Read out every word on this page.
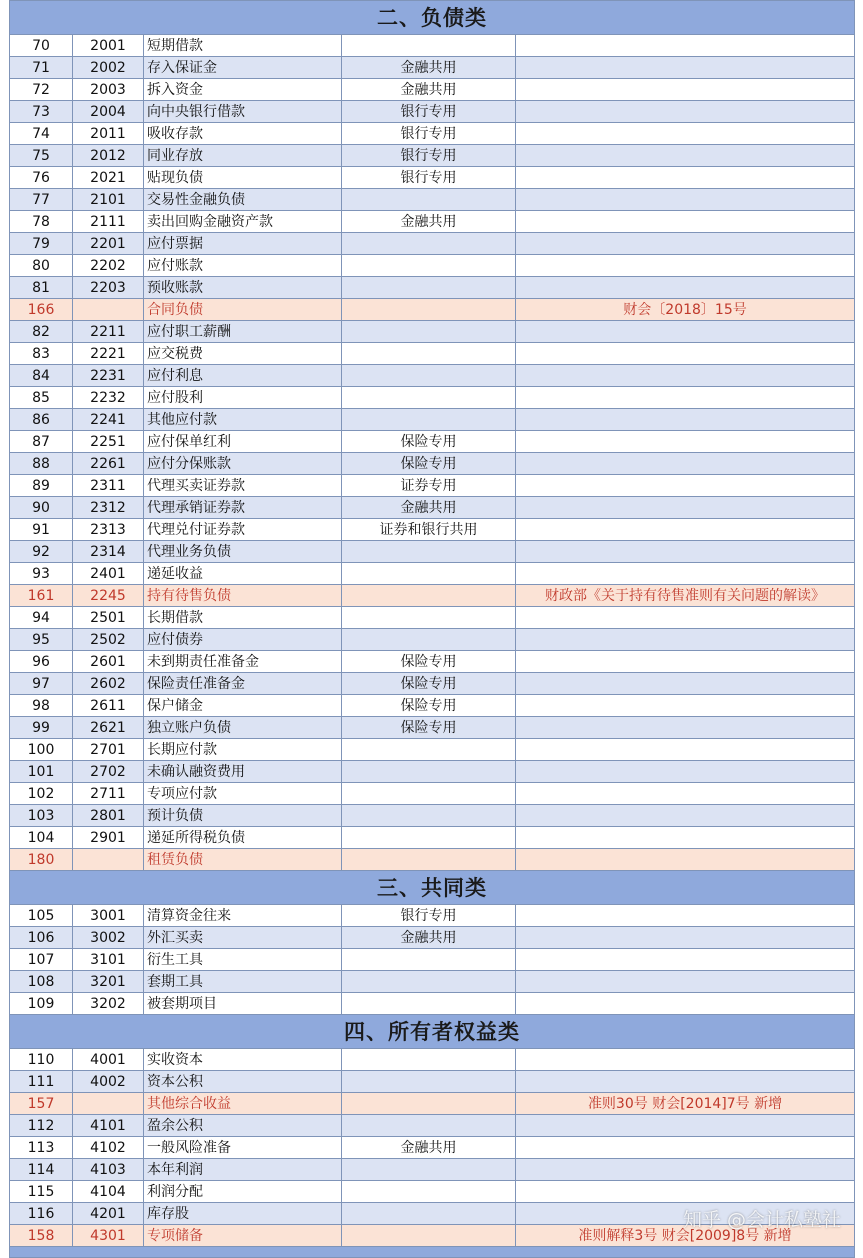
二、负债类				
70	2001	短期借款		
71	2002	存入保证金	金融共用	
72	2003	拆入资金	金融共用	
73	2004	向中央银行借款	银行专用	
74	2011	吸收存款	银行专用	
75	2012	同业存放	银行专用	
76	2021	贴现负债	银行专用	
77	2101	交易性金融负债		
78	2111	卖出回购金融资产款	金融共用	
79	2201	应付票据		
80	2202	应付账款		
81	2203	预收账款		
166		合同负债		财会〔2018〕15号
82	2211	应付职工薪酬		
83	2221	应交税费		
84	2231	应付利息		
85	2232	应付股利		
86	2241	其他应付款		
87	2251	应付保单红利	保险专用	
88	2261	应付分保账款	保险专用	
89	2311	代理买卖证券款	证券专用	
90	2312	代理承销证券款	金融共用	
91	2313	代理兑付证券款	证券和银行共用	
92	2314	代理业务负债		
93	2401	递延收益		
161	2245	持有待售负债		财政部《关于持有待售准则有关问题的解读》
94	2501	长期借款		
95	2502	应付债券		
96	2601	未到期责任准备金	保险专用	
97	2602	保险责任准备金	保险专用	
98	2611	保户储金	保险专用	
99	2621	独立账户负债	保险专用	
100	2701	长期应付款		
101	2702	未确认融资费用		
102	2711	专项应付款		
103	2801	预计负债		
104	2901	递延所得税负债		
180		租赁负债		
三、共同类				
105	3001	清算资金往来	银行专用	
106	3002	外汇买卖	金融共用	
107	3101	衍生工具		
108	3201	套期工具		
109	3202	被套期项目		
四、所有者权益类				
110	4001	实收资本		
111	4002	资本公积		
157		其他综合收益		准则30号 财会[2014]7号 新增
112	4101	盈余公积		
113	4102	一般风险准备	金融共用	
114	4103	本年利润		
115	4104	利润分配		
116	4201	库存股		
158	4301	专项储备		准则解释3号 财会[2009]8号 新增

知乎 @会计私塾社
